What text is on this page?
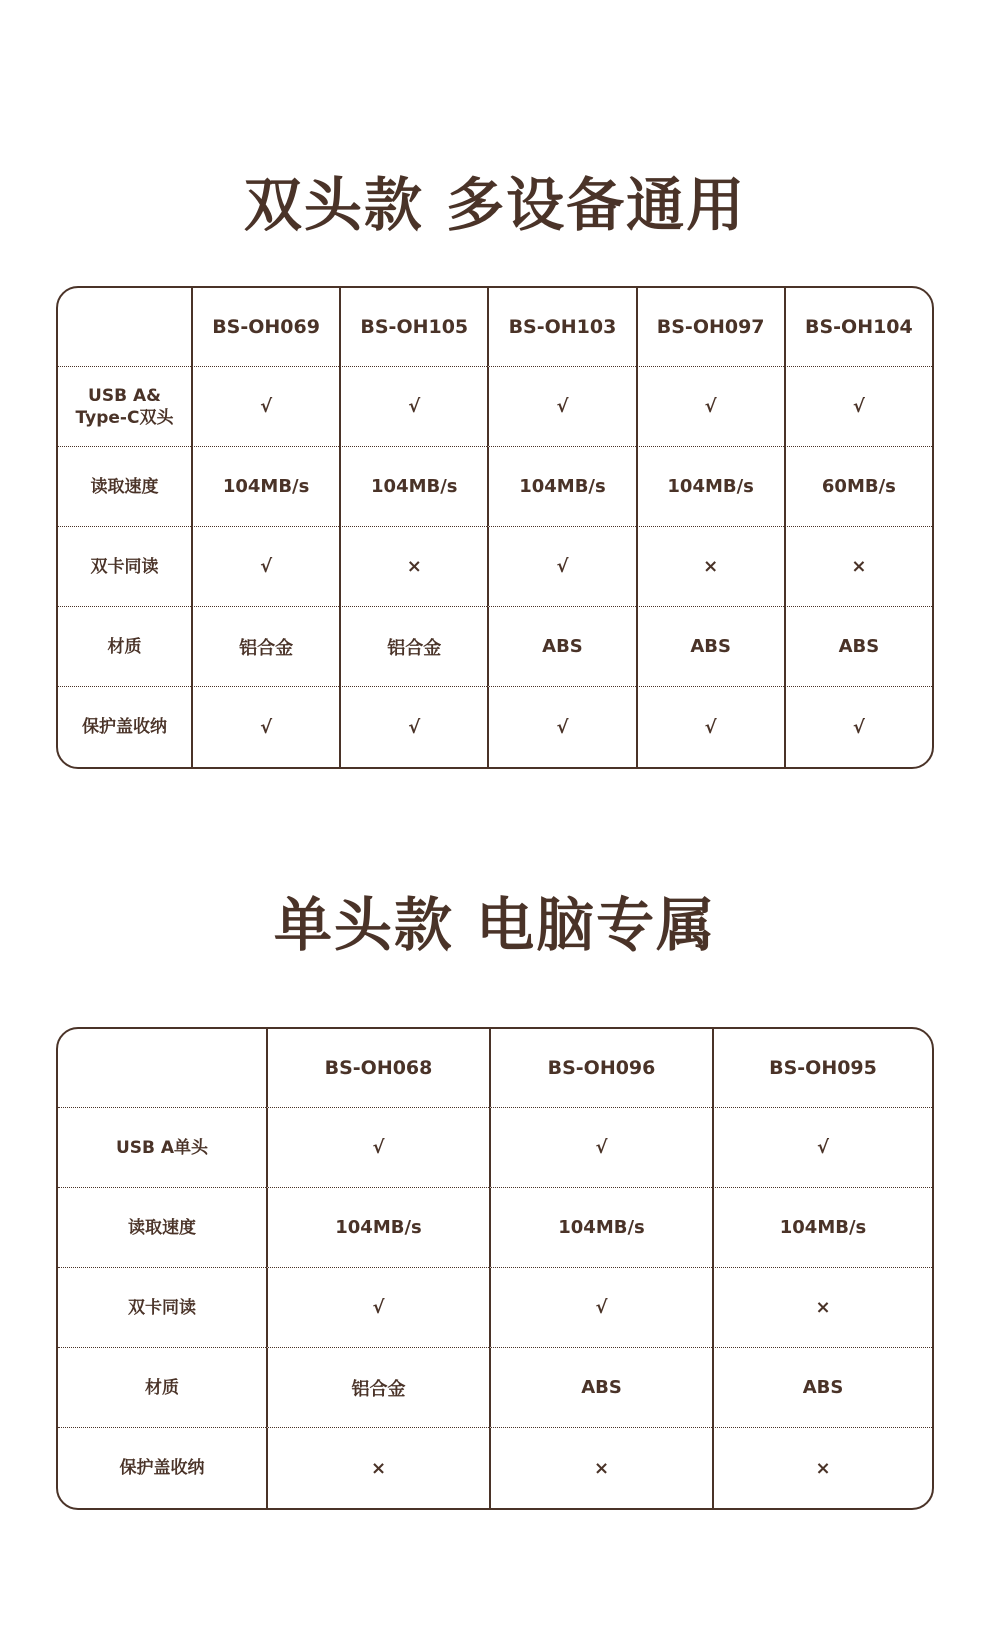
双头款 多设备通用
	BS-OH069	BS-OH105	BS-OH103	BS-OH097	BS-OH104
USB A&
Type-C双头	√	√	√	√	√
读取速度	104MB/s	104MB/s	104MB/s	104MB/s	60MB/s
双卡同读	√	×	√	×	×
材质	铝合金	铝合金	ABS	ABS	ABS
保护盖收纳	√	√	√	√	√
单头款 电脑专属
	BS-OH068	BS-OH096	BS-OH095
USB A单头	√	√	√
读取速度	104MB/s	104MB/s	104MB/s
双卡同读	√	√	×
材质	铝合金	ABS	ABS
保护盖收纳	×	×	×
